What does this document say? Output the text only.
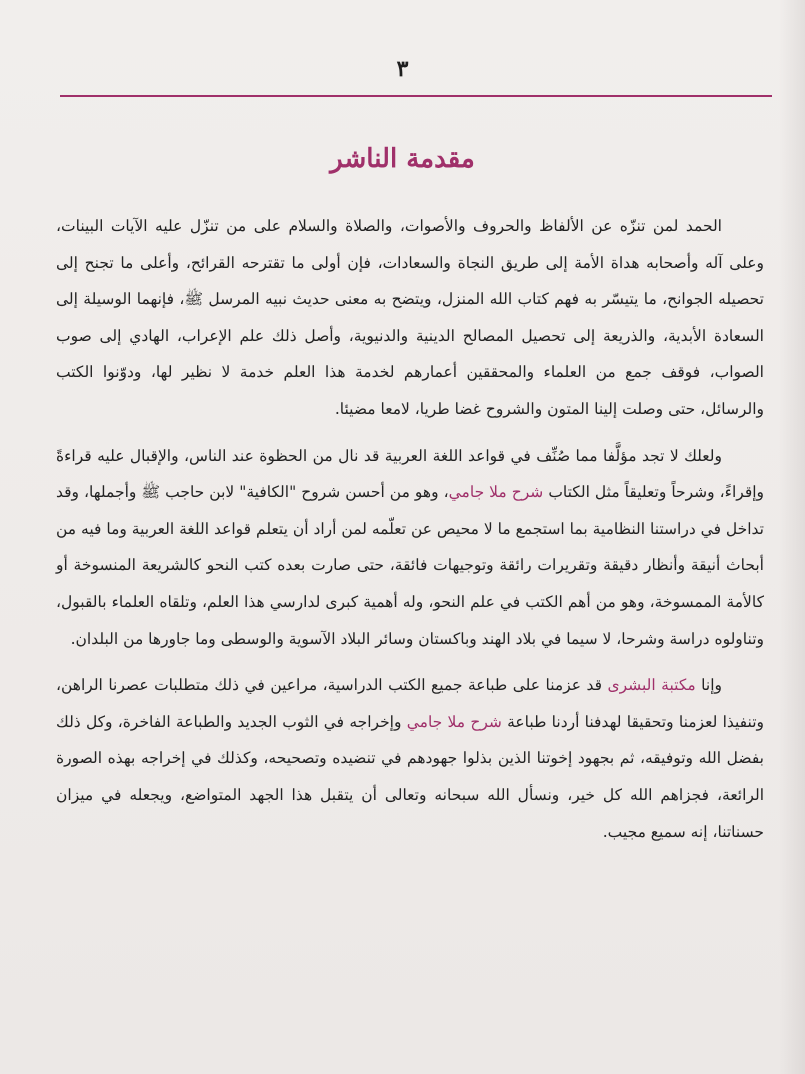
٣
مقدمة الناشر

الحمد لمن تنزّه عن الألفاظ والحروف والأصوات، والصلاة والسلام على من تنزّل عليه الآيات البينات، وعلى آله وأصحابه هداة الأمة إلى طريق النجاة والسعادات، فإن أولى ما تقترحه القرائح، وأعلى ما تجنح إلى تحصيله الجوانح، ما يتيسّر به فهم كتاب الله المنزل، ويتضح به معنى حديث نبيه المرسل ﷺ، فإنهما الوسيلة إلى السعادة الأبدية، والذريعة إلى تحصيل المصالح الدينية والدنيوية، وأصل ذلك علم الإعراب، الهادي إلى صوب الصواب، فوقف جمع من العلماء والمحققين أعمارهم لخدمة هذا العلم خدمة لا نظير لها، ودوّنوا الكتب والرسائل، حتى وصلت إلينا المتون والشروح غضا طريا، لامعا مضيئا.

ولعلك لا تجد مؤلَّفا مما صُنِّف في قواعد اللغة العربية قد نال من الحظوة عند الناس، والإقبال عليه قراءةً وإقراءً، وشرحاً وتعليقاً مثل الكتاب شرح ملا جامي، وهو من أحسن شروح "الكافية" لابن حاجب ﷺ وأجملها، وقد تداخل في دراستنا النظامية بما استجمع ما لا محيص عن تعلّمه لمن أراد أن يتعلم قواعد اللغة العربية وما فيه من أبحاث أنيقة وأنظار دقيقة وتقريرات رائقة وتوجيهات فائقة، حتى صارت بعده كتب النحو كالشريعة المنسوخة أو كالأمة الممسوخة، وهو من أهم الكتب في علم النحو، وله أهمية كبرى لدارسي هذا العلم، وتلقاه العلماء بالقبول، وتناولوه دراسة وشرحا، لا سيما في بلاد الهند وباكستان وسائر البلاد الآسوية والوسطى وما جاورها من البلدان.

وإنا مكتبة البشرى قد عزمنا على طباعة جميع الكتب الدراسية، مراعين في ذلك متطلبات عصرنا الراهن، وتنفيذا لعزمنا وتحقيقا لهدفنا أردنا طباعة شرح ملا جامي وإخراجه في الثوب الجديد والطباعة الفاخرة، وكل ذلك بفضل الله وتوفيقه، ثم بجهود إخوتنا الذين بذلوا جهودهم في تنضيده وتصحيحه، وكذلك في إخراجه بهذه الصورة الرائعة، فجزاهم الله كل خير، ونسأل الله سبحانه وتعالى أن يتقبل هذا الجهد المتواضع، ويجعله في ميزان حسناتنا، إنه سميع مجيب.
